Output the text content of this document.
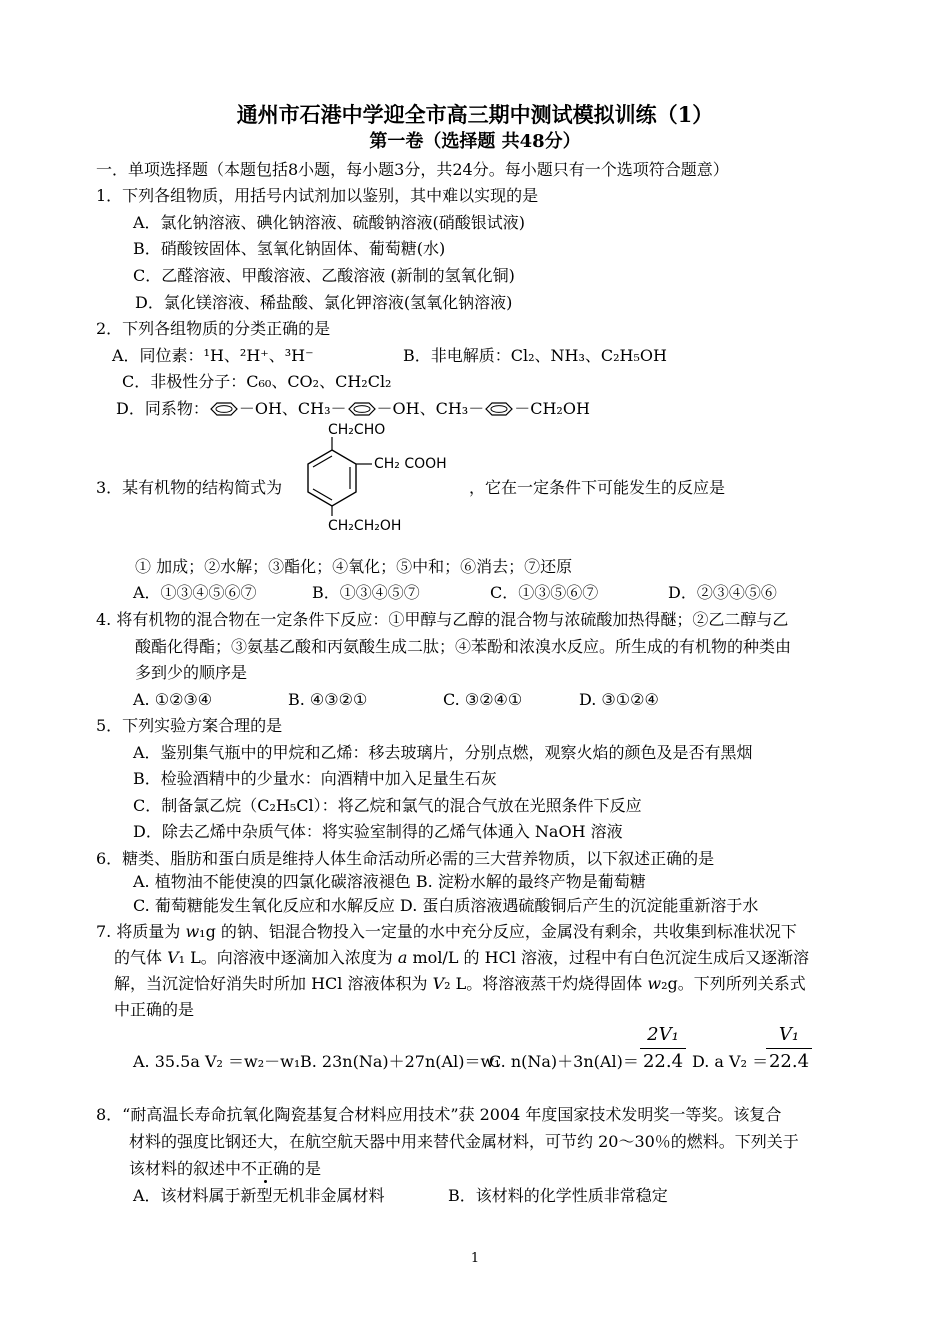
通州市石港中学迎全市高三期中测试模拟训练（1）
第一卷（选择题 共48分）
一．单项选择题（本题包括8小题，每小题3分，共24分。每小题只有一个选项符合题意）
1．下列各组物质，用括号内试剂加以鉴别，其中难以实现的是
A．氯化钠溶液、碘化钠溶液、硫酸钠溶液(硝酸银试液)
B．硝酸铵固体、氢氧化钠固体、葡萄糖(水)
C．乙醛溶液、甲酸溶液、乙酸溶液 (新制的氢氧化铜)
D．氯化镁溶液、稀盐酸、氯化钾溶液(氢氧化钠溶液)
2．下列各组物质的分类正确的是
A．同位素：¹H、²H⁺、³H⁻	B．非电解质：Cl₂、NH₃、C₂H₅OH
C．非极性分子：C₆₀、CO₂、CH₂Cl₂
D．同系物： －OH、CH₃－ －OH、CH₃－ －CH₂OH
3．某有机物的结构简式为
CH₂CHO
CH₂ COOH
CH₂CH₂OH
，它在一定条件下可能发生的反应是
① 加成；②水解；③酯化；④氧化；⑤中和；⑥消去；⑦还原
A．①③④⑤⑥⑦	B．①③④⑤⑦	C．①③⑤⑥⑦	D．②③④⑤⑥
4. 将有机物的混合物在一定条件下反应：①甲醇与乙醇的混合物与浓硫酸加热得醚；②乙二醇与乙
酸酯化得酯；③氨基乙酸和丙氨酸生成二肽；④苯酚和浓溴水反应。所生成的有机物的种类由
多到少的顺序是
A. ①②③④	B. ④③②①	C. ③②④①	D. ③①②④
5．下列实验方案合理的是
A．鉴别集气瓶中的甲烷和乙烯：移去玻璃片，分别点燃，观察火焰的颜色及是否有黑烟
B．检验酒精中的少量水：向酒精中加入足量生石灰
C．制备氯乙烷（C₂H₅Cl）：将乙烷和氯气的混合气放在光照条件下反应
D．除去乙烯中杂质气体：将实验室制得的乙烯气体通入 NaOH 溶液
6．糖类、脂肪和蛋白质是维持人体生命活动所必需的三大营养物质，以下叙述正确的是
A. 植物油不能使溴的四氯化碳溶液褪色 B. 淀粉水解的最终产物是葡萄糖
C. 葡萄糖能发生氧化反应和水解反应 D. 蛋白质溶液遇硫酸铜后产生的沉淀能重新溶于水
7. 将质量为 w₁g 的钠、铝混合物投入一定量的水中充分反应，金属没有剩余，共收集到标准状况下
的气体 V₁ L。向溶液中逐滴加入浓度为 a mol/L 的 HCl 溶液，过程中有白色沉淀生成后又逐渐溶
解，当沉淀恰好消失时所加 HCl 溶液体积为 V₂ L。将溶液蒸干灼烧得固体 w₂g。下列所列关系式
中正确的是
A. 35.5a V₂ ＝w₂－w₁ B. 23n(Na)＋27n(Al)＝w₁
C. $n(Na)+3n(Al)= \frac{\text{2V₁}}{22.4} D$. a V₂ ＝
$\frac{\text{V₁}}{22.4}$
8．“耐高温长寿命抗氧化陶瓷基复合材料应用技术”获 2004 年度国家技术发明奖一等奖。该复合
材料的强度比钢还大，在航空航天器中用来替代金属材料，可节约 20～30％的燃料。下列关于
该材料的叙述中不正确的是
A．该材料属于新型无机非金属材料	B．该材料的化学性质非常稳定
1
